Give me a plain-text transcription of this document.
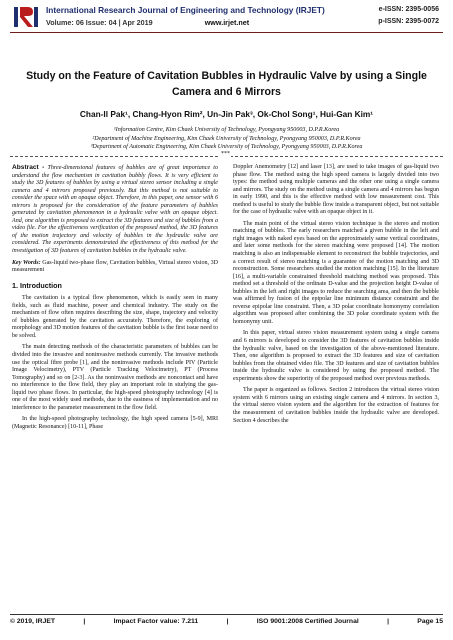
International Research Journal of Engineering and Technology (IRJET)
Volume: 06 Issue: 04 | Apr 2019	www.irjet.net
e-ISSN: 2395-0056
p-ISSN: 2395-0072
Study on the Feature of Cavitation Bubbles in Hydraulic Valve by using a Single Camera and 6 Mirrors
Chan-Il Pak¹, Chang-Hyon Rim², Un-Jin Pak³, Ok-Chol Song¹, Hui-Gan Kim¹
¹Information Centre, Kim Chaek University of Technology, Pyongyang 950003, D.P.R.Korea
²Department of Machine Engineering, Kim Chaek University of Technology, Pyongyang 950003, D.P.R.Korea
³Department of Automatic Engineering, Kim Chaek University of Technology, Pyongyang 950003, D.P.R.Korea
***

Abstract - Three-dimensional features of bubbles are of great importance to understand the flow mechanism in cavitation bubbly flows. It is very efficient to study the 3D features of bubbles by using a virtual stereo sensor including a single camera and 4 mirrors proposed previously. But this method is not suitable to consider the space with an opaque object. Therefore, in this paper, one sensor with 6 mirrors is proposed for the consideration of the feature parameters of bubbles generated by cavitation phenomenon in a hydraulic valve with an opaque object. And, one algorithm is proposed to extract the 3D features and size of bubbles from a video file. For the effectiveness verification of the proposed method, the 3D features of the motion trajectory and velocity of bubbles in the hydraulic valve are considered. The experiments demonstrated the effectiveness of this method for the investigation of 3D features of cavitation bubbles in the hydraulic valve.

Key Words: Gas-liquid two-phase flow, Cavitation bubbles, Virtual stereo vision, 3D measurement

1. Introduction

The cavitation is a typical flow phenomenon, which is easily seen in many fields, such as fluid machine, power and chemical industry. The study on the mechanism of flow often requires describing the size, shape, trajectory and velocity of bubbles generated by the cavitation accurately. Therefore, the exploring of morphology and 3D motion features of the cavitation bubble is the first issue need to be solved.

The main detecting methods of the characteristic parameters of bubbles can be divided into the invasive and noninvasive methods currently. The invasive methods use the optical fibre probe [1], and the noninvasive methods include PIV (Particle Image Velocimetry), PTV (Particle Tracking Velocimetry), PT (Process Tomography) and so on [2-3]. As the noninvasive methods are noncontact and have no interference to the flow field, they play an important role in studying the gas-liquid two phase flows. In particular, the high-speed photography technology [4] is one of the most widely used methods, due to the easiness of implementation and no interference to the parameter measurement in the flow field.

In the high-speed photography technology, the high speed camera [5-9], MRI (Magnetic Resonance) [10-11], Phase

Doppler Anemometry [12] and laser [13], are used to take images of gas-liquid two phase flow. The method using the high speed camera is largely divided into two types: the method using multiple cameras and the other one using a single camera and mirrors. The study on the method using a single camera and 4 mirrors has begun in early 1990, and this is the effective method with low measurement cost. This method is useful to study the bubble flow inside a transparent object, but not suitable for the case of hydraulic valve with an opaque object in it.

The main point of the virtual stereo vision technique is the stereo and motion matching of bubbles. The early researchers matched a given bubble in the left and right images with naked eyes based on the approximately same vertical coordinates, and later some methods for the stereo matching were proposed [14]. The motion matching is also an indispensable element to reconstruct the bubble trajectories, and a correct result of stereo matching is a guarantee of the motion matching and 3D reconstruction. Some researchers studied the motion matching [15]. In the literature [16], a multi-variable constrained threshold matching method was proposed. This method set a threshold of the ordinate D-value and the projection height D-value of bubbles in the left and right images to reduce the searching area, and then the bubble was affirmed by fusion of the epipolar line minimum distance constraint and the reverse epipolar line constraint. Then, a 3D polar coordinate homonymy correlation algorithm was proposed after combining the 3D polar coordinate system with the homonymy unit.

In this paper, virtual stereo vision measurement system using a single camera and 6 mirrors is developed to consider the 3D features of cavitation bubbles inside the hydraulic valve, based on the investigation of the above-mentioned literature. Then, one algorithm is proposed to extract the 3D features and size of cavitation bubbles from the obtained video file. The 3D features and size of cavitation bubbles inside the hydraulic valve is considered by using the proposed method. The experiments show the superiority of the proposed method over previous methods.

The paper is organized as follows. Section 2 introduces the virtual stereo vision system with 6 mirrors using an existing single camera and 4 mirrors. In section 3, the virtual stereo vision system and the algorithm for the extraction of features for the measurement of cavitation bubbles inside the hydraulic valve are developed. Section 4 describes the

© 2019, IRJET	|	Impact Factor value: 7.211	|	ISO 9001:2008 Certified Journal	|	Page 15
